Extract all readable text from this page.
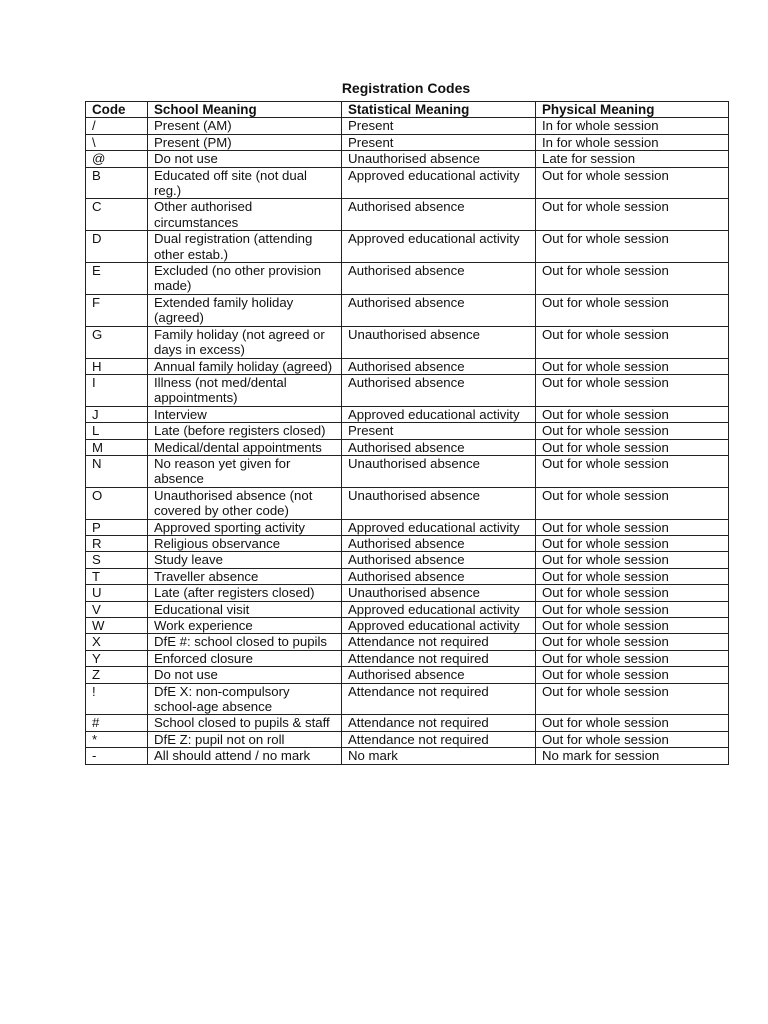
Registration Codes
Code	School Meaning	Statistical Meaning	Physical Meaning
/	Present (AM)	Present	In for whole session
\	Present (PM)	Present	In for whole session
@	Do not use	Unauthorised absence	Late for session
B	Educated off site (not dual reg.)	Approved educational activity	Out for whole session
C	Other authorised circumstances	Authorised absence	Out for whole session
D	Dual registration (attending other estab.)	Approved educational activity	Out for whole session
E	Excluded (no other provision made)	Authorised absence	Out for whole session
F	Extended family holiday (agreed)	Authorised absence	Out for whole session
G	Family holiday (not agreed or days in excess)	Unauthorised absence	Out for whole session
H	Annual family holiday (agreed)	Authorised absence	Out for whole session
I	Illness (not med/dental appointments)	Authorised absence	Out for whole session
J	Interview	Approved educational activity	Out for whole session
L	Late (before registers closed)	Present	Out for whole session
M	Medical/dental appointments	Authorised absence	Out for whole session
N	No reason yet given for absence	Unauthorised absence	Out for whole session
O	Unauthorised absence (not covered by other code)	Unauthorised absence	Out for whole session
P	Approved sporting activity	Approved educational activity	Out for whole session
R	Religious observance	Authorised absence	Out for whole session
S	Study leave	Authorised absence	Out for whole session
T	Traveller absence	Authorised absence	Out for whole session
U	Late (after registers closed)	Unauthorised absence	Out for whole session
V	Educational visit	Approved educational activity	Out for whole session
W	Work experience	Approved educational activity	Out for whole session
X	DfE #: school closed to pupils	Attendance not required	Out for whole session
Y	Enforced closure	Attendance not required	Out for whole session
Z	Do not use	Authorised absence	Out for whole session
!	DfE X: non-compulsory school-age absence	Attendance not required	Out for whole session
#	School closed to pupils & staff	Attendance not required	Out for whole session
*	DfE Z: pupil not on roll	Attendance not required	Out for whole session
-	All should attend / no mark	No mark	No mark for session
